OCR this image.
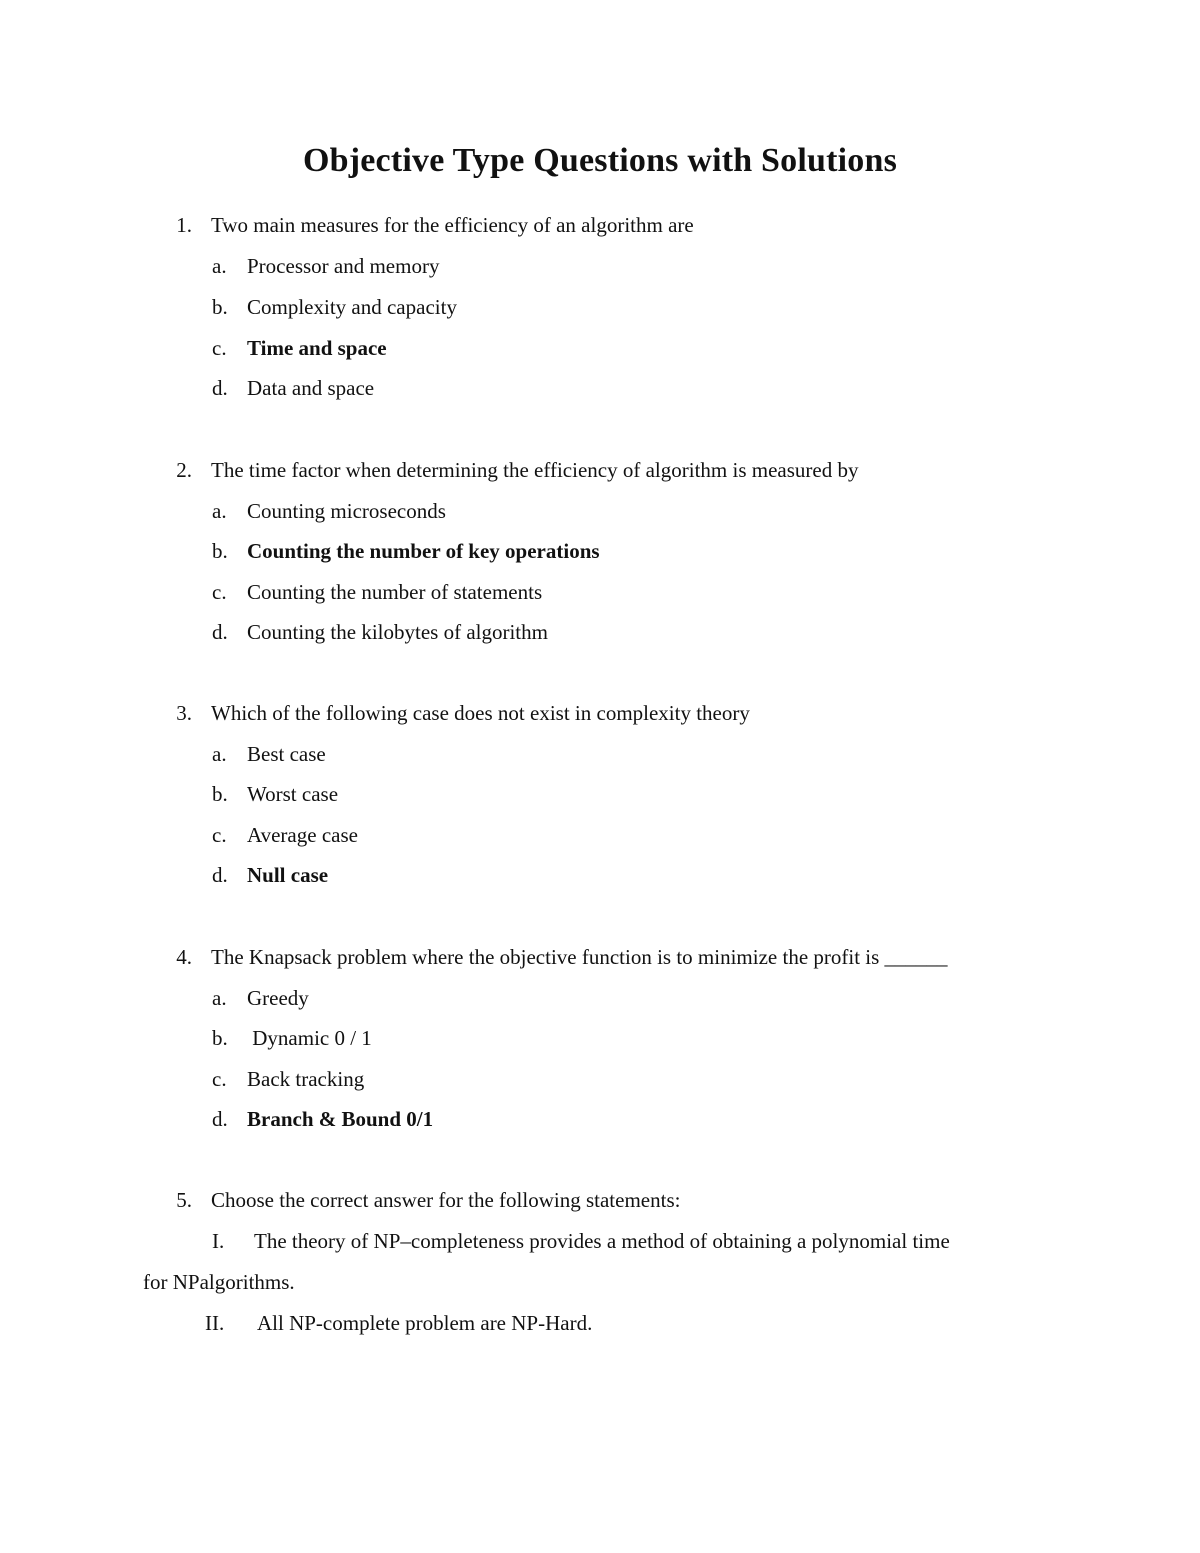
Objective Type Questions with Solutions
1. Two main measures for the efficiency of an algorithm are
a. Processor and memory
b. Complexity and capacity
c. Time and space
d. Data and space
2. The time factor when determining the efficiency of algorithm is measured by
a. Counting microseconds
b. Counting the number of key operations
c. Counting the number of statements
d. Counting the kilobytes of algorithm
3. Which of the following case does not exist in complexity theory
a. Best case
b. Worst case
c. Average case
d. Null case
4. The Knapsack problem where the objective function is to minimize the profit is ______
a. Greedy
b. Dynamic 0 / 1
c. Back tracking
d. Branch & Bound 0/1
5. Choose the correct answer for the following statements:
I. The theory of NP–completeness provides a method of obtaining a polynomial time
for NPalgorithms.
II. All NP-complete problem are NP-Hard.
